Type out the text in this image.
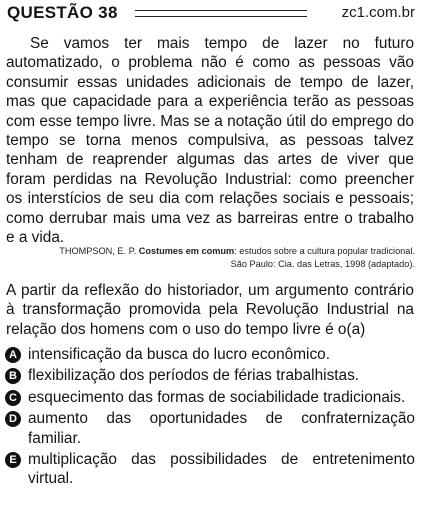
QUESTÃO 38	zc1.com.br

Se vamos ter mais tempo de lazer no futuro automatizado, o problema não é como as pessoas vão consumir essas unidades adicionais de tempo de lazer, mas que capacidade para a experiência terão as pessoas com esse tempo livre. Mas se a notação útil do emprego do tempo se torna menos compulsiva, as pessoas talvez tenham de reaprender algumas das artes de viver que foram perdidas na Revolução Industrial: como preencher os interstícios de seu dia com relações sociais e pessoais; como derrubar mais uma vez as barreiras entre o trabalho e a vida.

THOMPSON, E. P. Costumes em comum: estudos sobre a cultura popular tradicional.
São Paulo: Cia. das Letras, 1998 (adaptado).

A partir da reflexão do historiador, um argumento contrário à transformação promovida pela Revolução Industrial na relação dos homens com o uso do tempo livre é o(a)

A intensificação da busca do lucro econômico.
B flexibilização dos períodos de férias trabalhistas.
C esquecimento das formas de sociabilidade tradicionais.
D aumento das oportunidades de confraternização familiar.
E multiplicação das possibilidades de entretenimento virtual.
